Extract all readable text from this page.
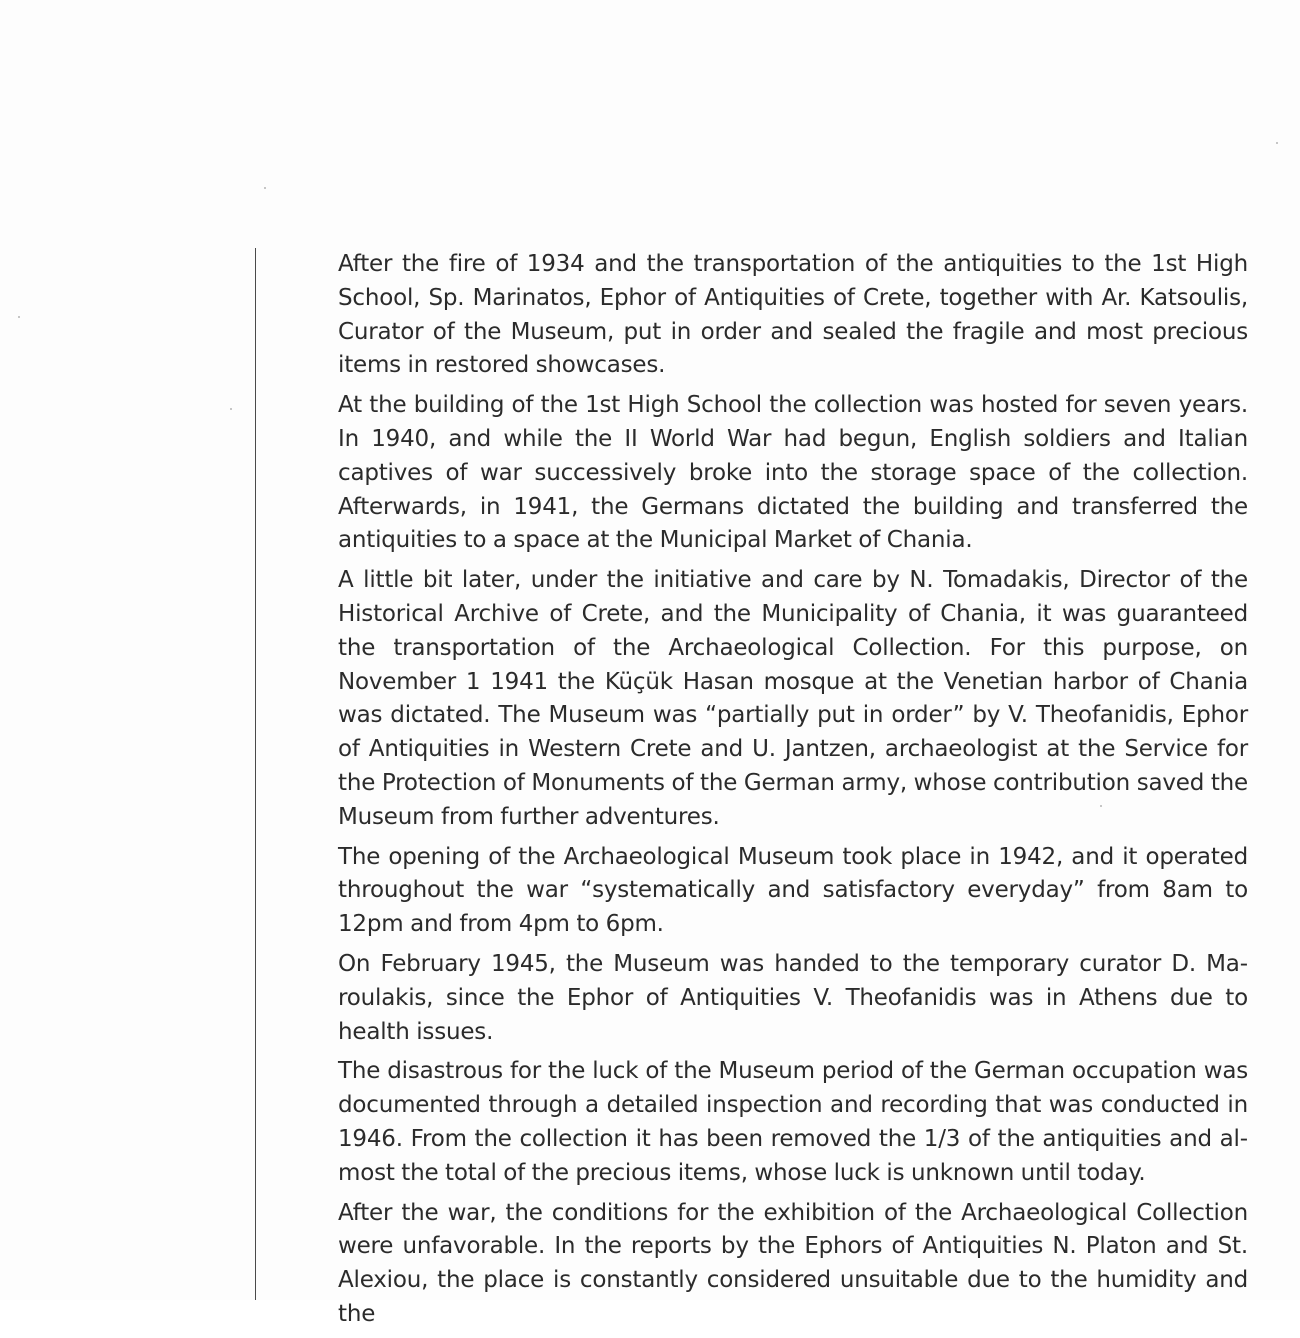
After the fire of 1934 and the transportation of the antiquities to the 1st High School, Sp. Marinatos, Ephor of Antiquities of Crete, together with Ar. Katsoulis, Curator of the Museum, put in order and sealed the fragile and most precious items in restored showcases.

At the building of the 1st High School the collection was hosted for seven years. In 1940, and while the II World War had begun, English soldiers and Italian captives of war successively broke into the storage space of the collection. Afterwards, in 1941, the Germans dictated the building and transferred the antiquities to a space at the Municipal Market of Chania.

A little bit later, under the initiative and care by N. Tomadakis, Director of the Historical Archive of Crete, and the Municipality of Chania, it was guaranteed the transportation of the Archaeological Collection. For this purpose, on November 1 1941 the Küçük Hasan mosque at the Venetian harbor of Chania was dictated. The Museum was “partially put in order” by V. Theofanidis, Ephor of Antiquities in Western Crete and U. Jantzen, archaeologist at the Service for the Protection of Monuments of the German army, whose contribution saved the Museum from further adventures.

The opening of the Archaeological Museum took place in 1942, and it operated throughout the war “systematically and satisfactory everyday” from 8am to 12pm and from 4pm to 6pm.

On February 1945, the Museum was handed to the temporary curator D. Maroulakis, since the Ephor of Antiquities V. Theofanidis was in Athens due to health issues.

The disastrous for the luck of the Museum period of the German occupation was documented through a detailed inspection and recording that was conducted in 1946. From the collection it has been removed the 1/3 of the antiquities and almost the total of the precious items, whose luck is unknown until today.

After the war, the conditions for the exhibition of the Archaeological Collection were unfavorable. In the reports by the Ephors of Antiquities N. Platon and St. Alexiou, the place is constantly considered unsuitable due to the humidity and the
